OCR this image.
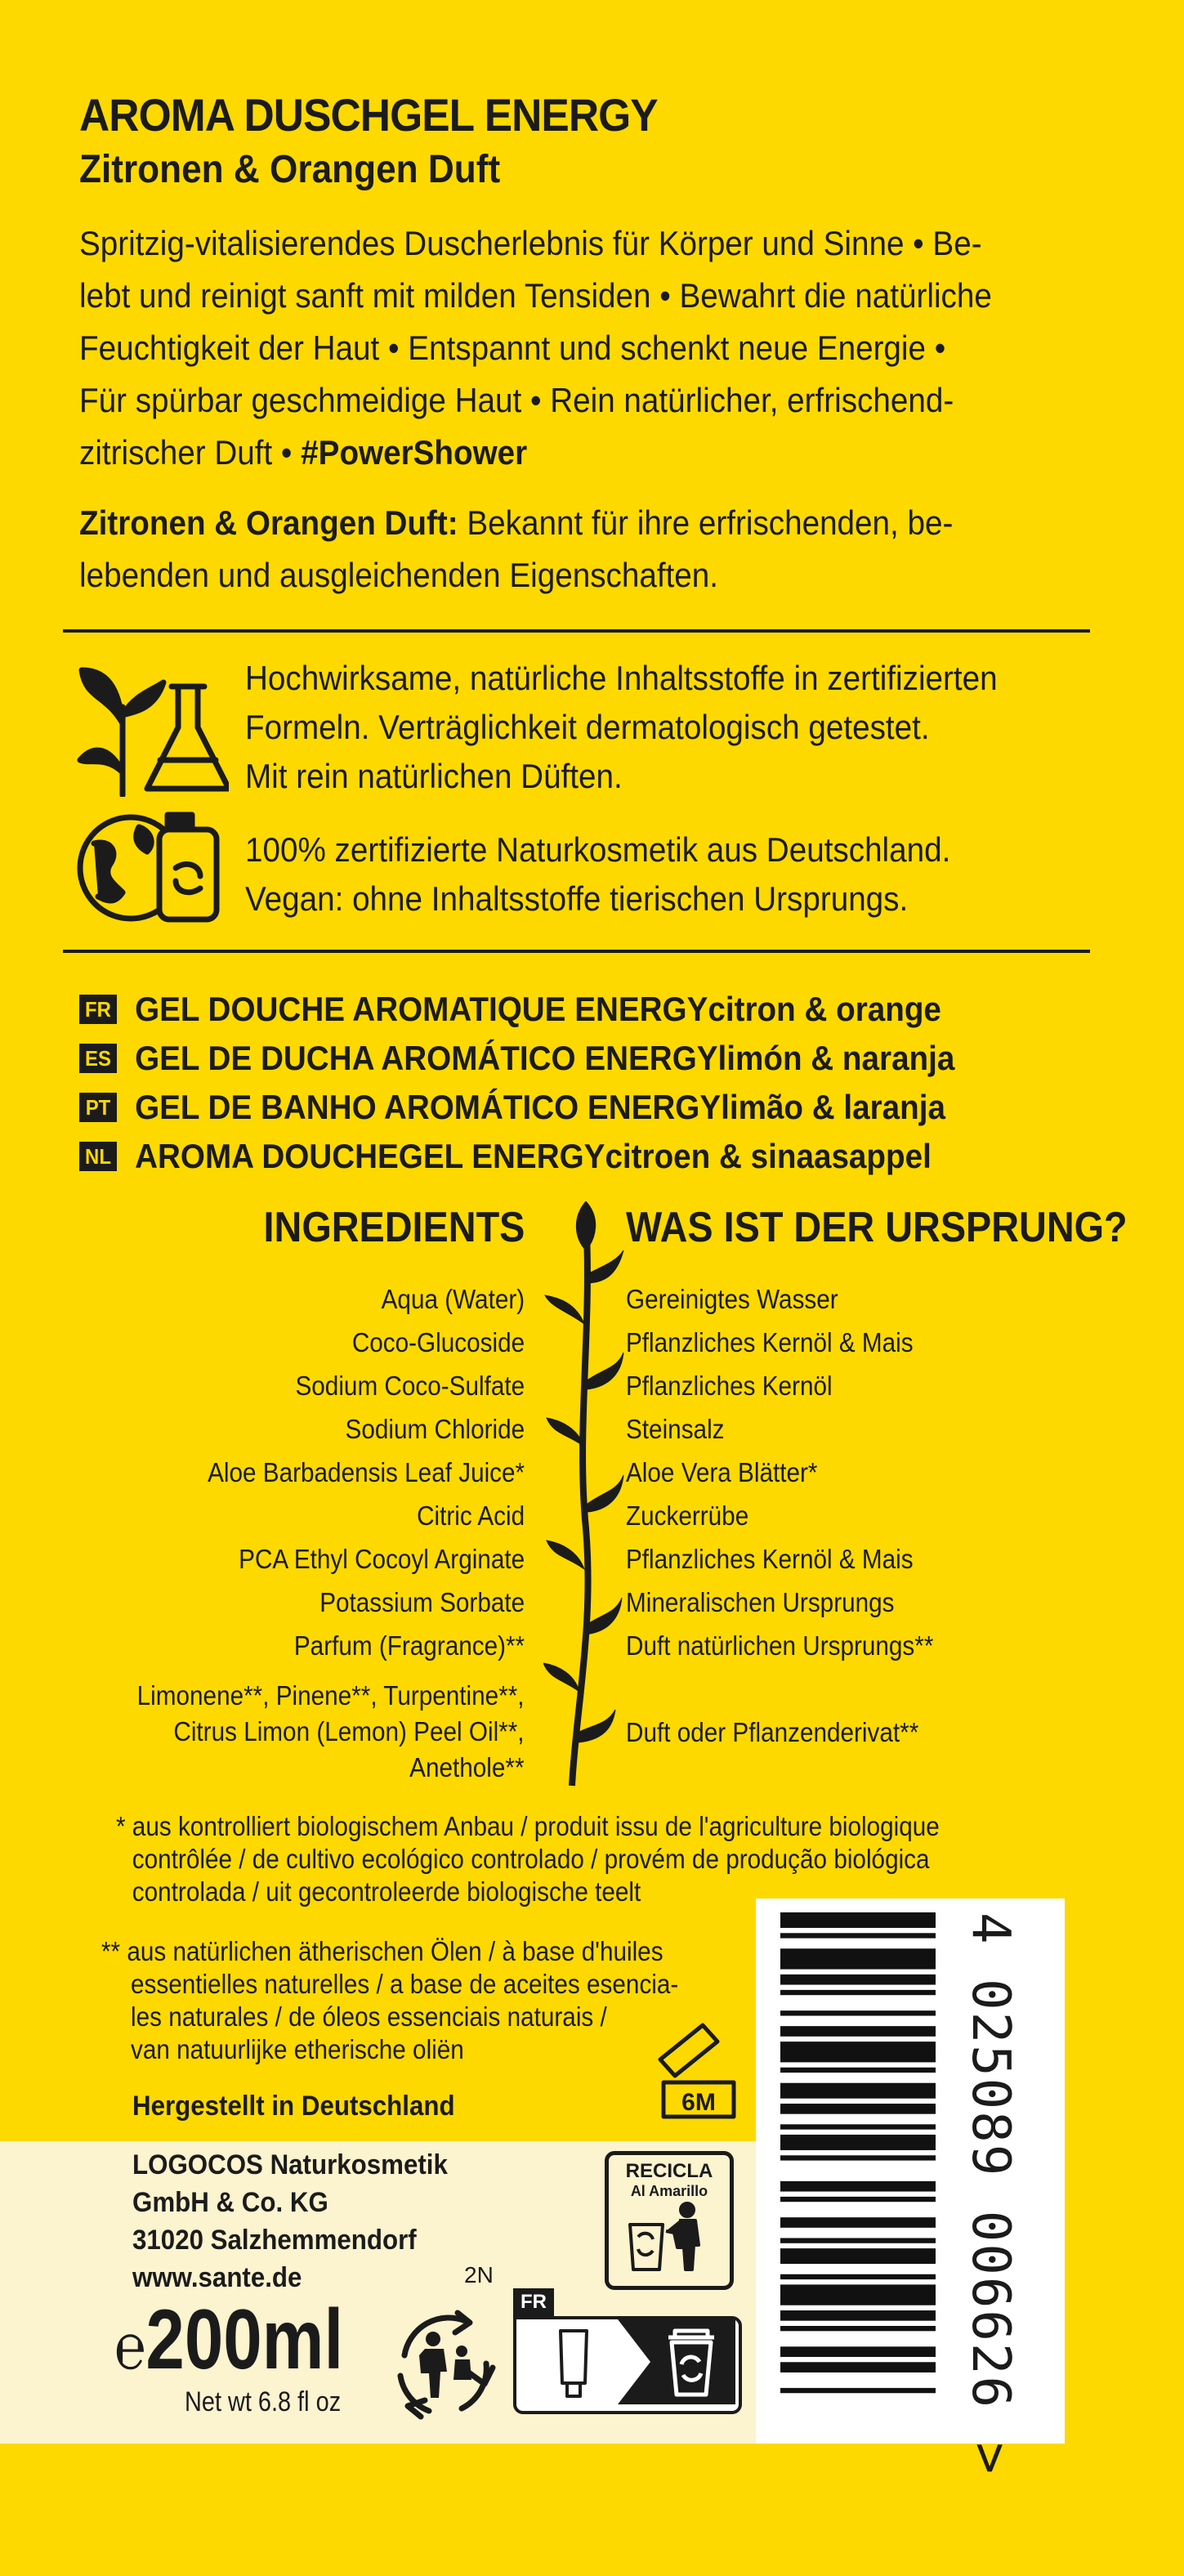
AROMA DUSCHGEL ENERGY
Zitronen & Orangen Duft
Spritzig-vitalisierendes Duscherlebnis für Körper und Sinne • Be-
lebt und reinigt sanft mit milden Tensiden • Bewahrt die natürliche
Feuchtigkeit der Haut • Entspannt und schenkt neue Energie •
Für spürbar geschmeidige Haut • Rein natürlicher, erfrischend-
zitrischer Duft • #PowerShower
Zitronen & Orangen Duft: Bekannt für ihre erfrischenden, be-
lebenden und ausgleichenden Eigenschaften.
Hochwirksame, natürliche Inhaltsstoffe in zertifizierten
Formeln. Verträglichkeit dermatologisch getestet.
Mit rein natürlichen Düften.
100% zertifizierte Naturkosmetik aus Deutschland.
Vegan: ohne Inhaltsstoffe tierischen Ursprungs.
FR GEL DOUCHE AROMATIQUE ENERGY citron & orange
ES GEL DE DUCHA AROMÁTICO ENERGY limón & naranja
PT GEL DE BANHO AROMÁTICO ENERGY limão & laranja
NL AROMA DOUCHEGEL ENERGY citroen & sinaasappel
INGREDIENTS WAS IST DER URSPRUNG?
Aqua (Water)
Coco-Glucoside
Sodium Coco-Sulfate
Sodium Chloride
Aloe Barbadensis Leaf Juice*
Citric Acid
PCA Ethyl Cocoyl Arginate
Potassium Sorbate
Parfum (Fragrance)**
Gereinigtes Wasser
Pflanzliches Kernöl & Mais
Pflanzliches Kernöl
Steinsalz
Aloe Vera Blätter*
Zuckerrübe
Pflanzliches Kernöl & Mais
Mineralischen Ursprungs
Duft natürlichen Ursprungs**
Limonene**, Pinene**, Turpentine**,
Citrus Limon (Lemon) Peel Oil**,
Anethole**
Duft oder Pflanzenderivat**
* aus kontrolliert biologischem Anbau / produit issu de l'agriculture biologique
contrôlée / de cultivo ecológico controlado / provém de produção biológica
controlada / uit gecontroleerde biologische teelt
** aus natürlichen ätherischen Ölen / à base d'huiles
essentielles naturelles / a base de aceites esencia-
les naturales / de óleos essenciais naturais /
van natuurlijke etherische oliën
6M
Hergestellt in Deutschland
LOGOCOS Naturkosmetik
GmbH & Co. KG
31020 Salzhemmendorf
www.sante.de	2N
RECICLA
Al Amarillo
℮200ml
Net wt 6.8 fl oz
FR	4 025089 006626 >
